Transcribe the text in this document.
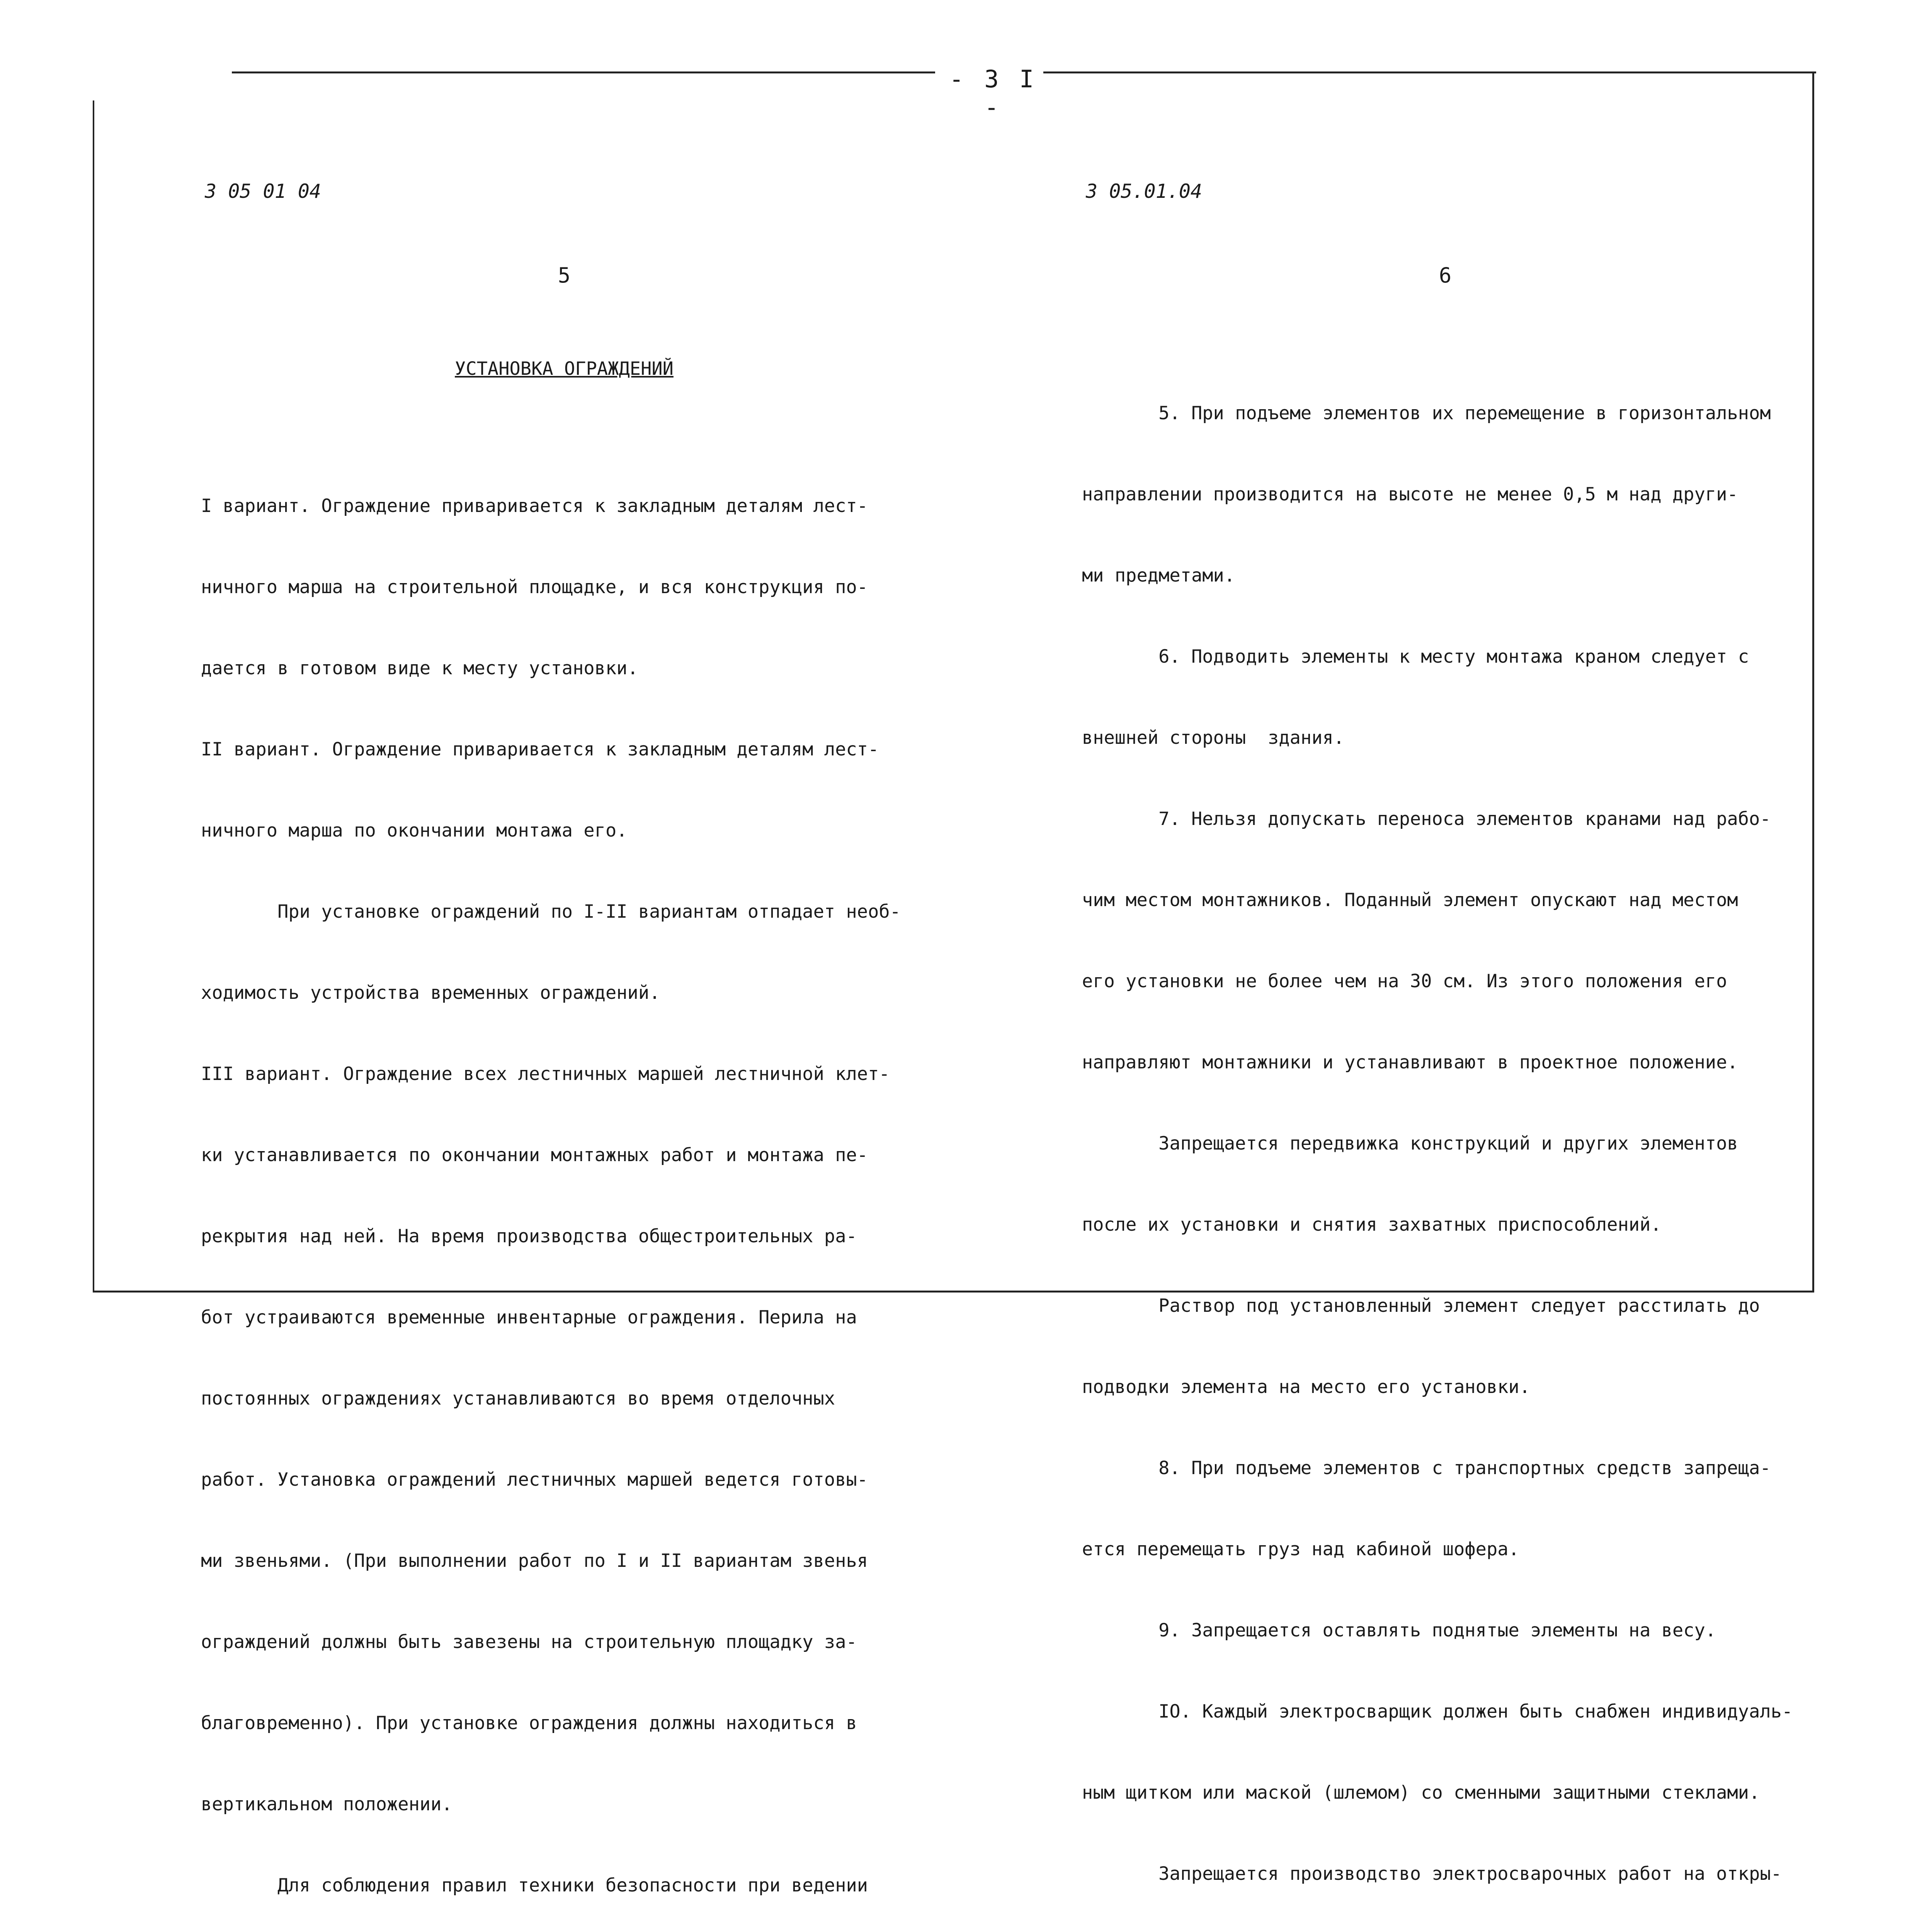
- 3 I -

3 05 01 04

5

УСТАНОВКА ОГРАЖДЕНИЙ

I вариант. Ограждение приваривается к закладным деталям лест-

ничного марша на строительной площадке, и вся конструкция по-

дается в готовом виде к месту установки.

II вариант. Ограждение приваривается к закладным деталям лест-

ничного марша по окончании монтажа его.

При установке ограждений по I-II вариантам отпадает необ-

ходимость устройства временных ограждений.

III вариант. Ограждение всех лестничных маршей лестничной клет-

ки устанавливается по окончании монтажных работ и монтажа пе-

рекрытия над ней. На время производства общестроительных ра-

бот устраиваются временные инвентарные ограждения. Перила на

постоянных ограждениях устанавливаются во время отделочных

работ. Установка ограждений лестничных маршей ведется готовы-

ми звеньями. (При выполнении работ по I и II вариантам звенья

ограждений должны быть завезены на строительную площадку за-

благовременно). При установке ограждения должны находиться в

вертикальном положении.

Для соблюдения правил техники безопасности при ведении

3 05.01.04

6

5. При подъеме элементов их перемещение в горизонтальном

направлении производится на высоте не менее 0,5 м над други-

ми предметами.

6. Подводить элементы к месту монтажа краном следует с

внешней стороны  здания.

7. Нельзя допускать переноса элементов кранами над рабо-

чим местом монтажников. Поданный элемент опускают над местом

его установки не более чем на 30 см. Из этого положения его

направляют монтажники и устанавливают в проектное положение.

Запрещается передвижка конструкций и других элементов

после их установки и снятия захватных приспособлений.

Раствор под установленный элемент следует расстилать до

подводки элемента на место его установки.

8. При подъеме элементов с транспортных средств запреща-

ется перемещать груз над кабиной шофера.

9. Запрещается оставлять поднятые элементы на весу.

IO. Каждый электросварщик должен быть снабжен индивидуаль-

ным щитком или маской (шлемом) со сменными защитными стеклами.

Запрещается производство электросварочных работ на откры-
